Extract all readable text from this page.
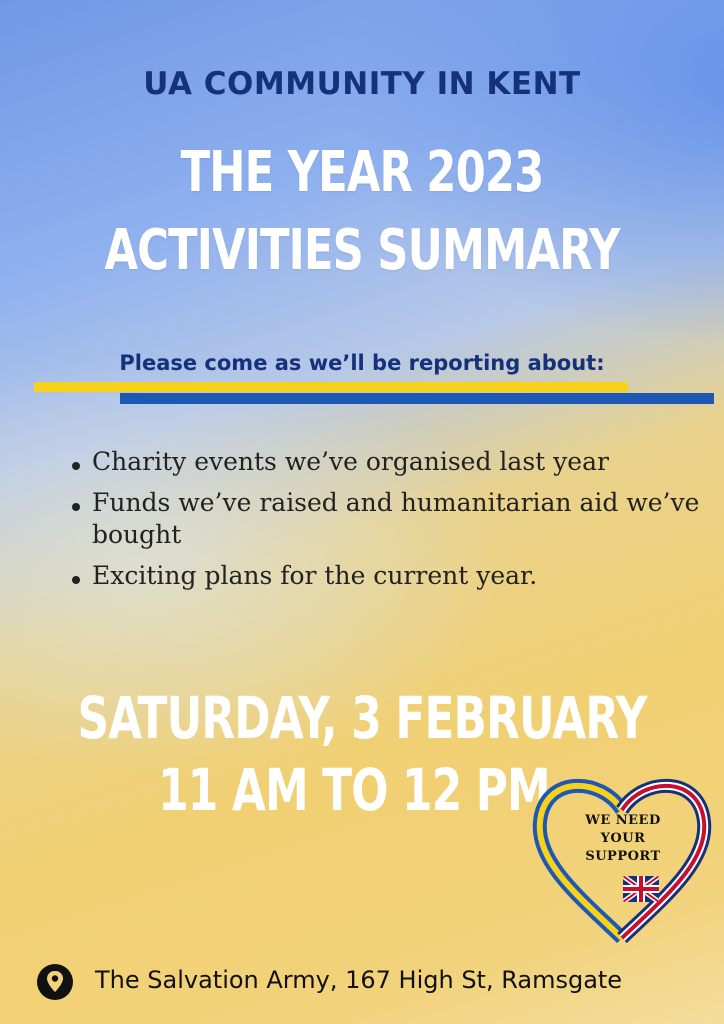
UA COMMUNITY IN KENT
THE YEAR 2023
ACTIVITIES SUMMARY
Please come as we’ll be reporting about:
Charity events we’ve organised last year
Funds we’ve raised and humanitarian aid we’ve bought
Exciting plans for the current year.
SATURDAY, 3 FEBRUARY
11 AM TO 12 PM	WE NEED
YOUR
SUPPORT
The Salvation Army, 167 High St, Ramsgate
